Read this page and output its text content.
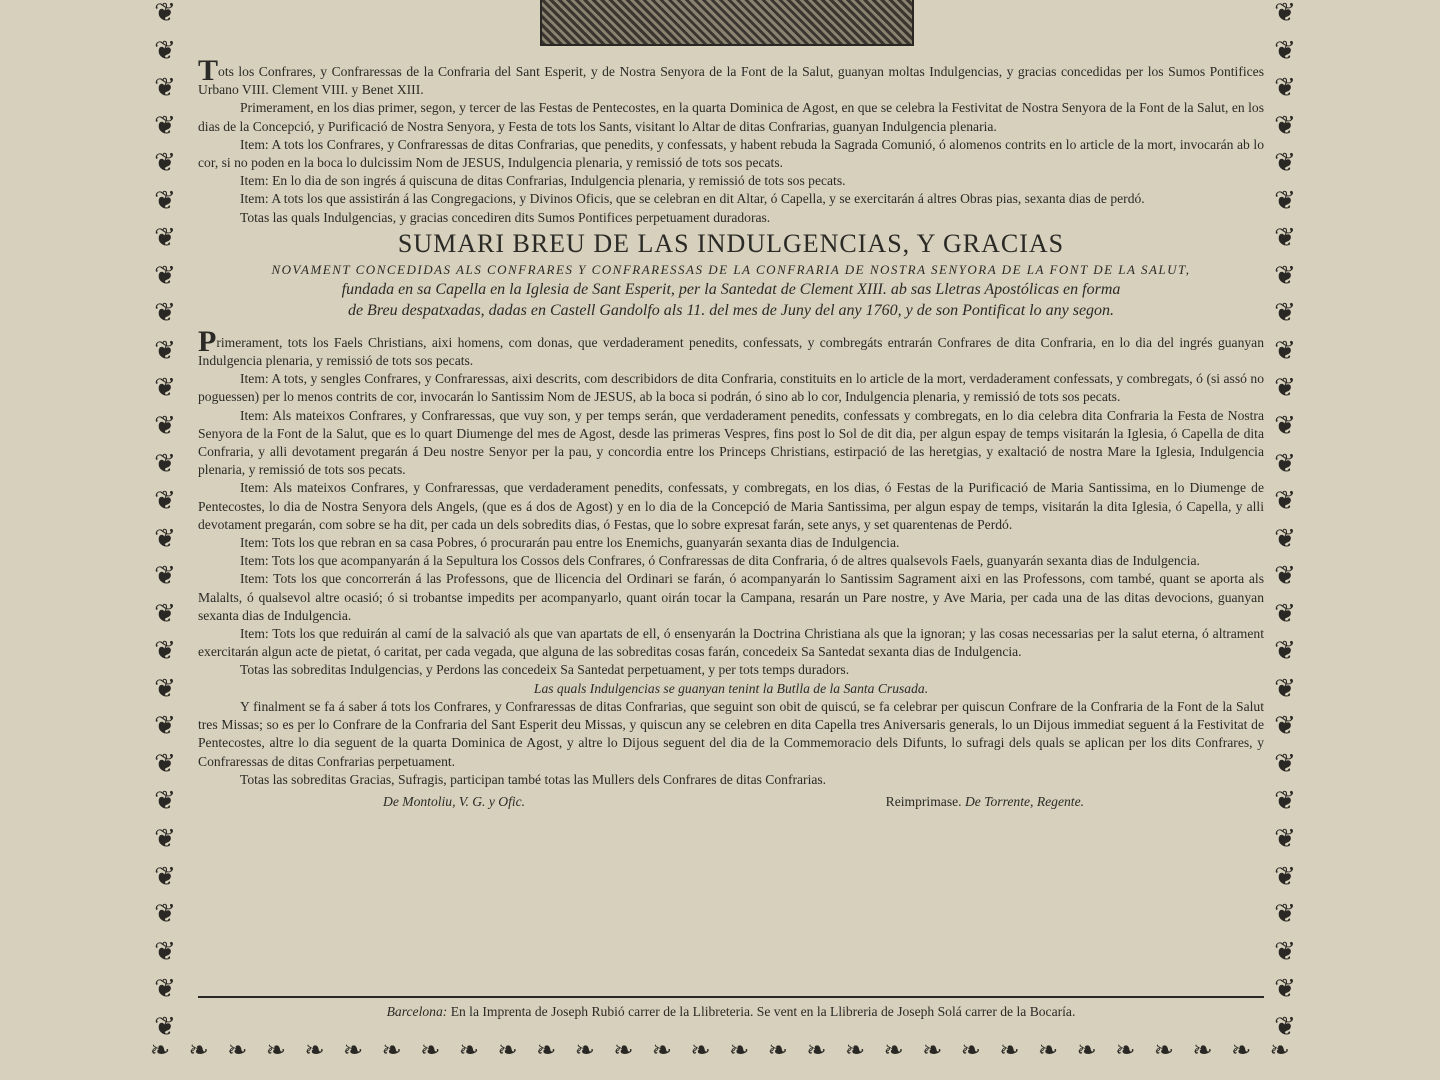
❦
❦
❦
❦
❦
❦
❦
❦
❦
❦
❦
❦
❦
❦
❦
❦
❦
❦
❦
❦
❦
❦
❦
❦
❦
❦
❦
❦
❦
❦
❦
❦
❦
❦
❦
❦
❦
❦
❦
❦
❦
❦
❦
❦
❦
❦
❦
❦
❦
❦
❦
❦
❦
❦
❦
❦
❧ ❧ ❧ ❧ ❧ ❧ ❧ ❧ ❧ ❧ ❧ ❧ ❧ ❧ ❧ ❧ ❧ ❧ ❧ ❧ ❧ ❧ ❧ ❧ ❧ ❧ ❧ ❧ ❧ ❧

Tots los Confrares, y Confraressas de la Confraria del Sant Esperit, y de Nostra Senyora de la Font de la Salut, guanyan moltas Indulgencias, y gracias concedidas per los Sumos Pontifices Urbano VIII. Clement VIII. y Benet XIII.

Primerament, en los dias primer, segon, y tercer de las Festas de Pentecostes, en la quarta Dominica de Agost, en que se celebra la Festivitat de Nostra Senyora de la Font de la Salut, en los dias de la Concepció, y Purificació de Nostra Senyora, y Festa de tots los Sants, visitant lo Altar de ditas Confrarias, guanyan Indulgencia plenaria.

Item: A tots los Confrares, y Confraressas de ditas Confrarias, que penedits, y confessats, y habent rebuda la Sagrada Comunió, ó alomenos contrits en lo article de la mort, invocarán ab lo cor, si no poden en la boca lo dulcissim Nom de JESUS, Indulgencia plenaria, y remissió de tots sos pecats.

Item: En lo dia de son ingrés á quiscuna de ditas Confrarias, Indulgencia plenaria, y remissió de tots sos pecats.

Item: A tots los que assistirán á las Congregacions, y Divinos Oficis, que se celebran en dit Altar, ó Capella, y se exercitarán á altres Obras pias, sexanta dias de perdó.

Totas las quals Indulgencias, y gracias concediren dits Sumos Pontifices perpetuament duradoras.

SUMARI BREU DE LAS INDULGENCIAS, Y GRACIAS
NOVAMENT CONCEDIDAS ALS CONFRARES Y CONFRARESSAS DE LA CONFRARIA DE NOSTRA SENYORA DE LA FONT DE LA SALUT,
fundada en sa Capella en la Iglesia de Sant Esperit, per la Santedat de Clement XIII. ab sas Lletras Apostólicas en forma
de Breu despatxadas, dadas en Castell Gandolfo als 11. del mes de Juny del any 1760, y de son Pontificat lo any segon.

Primerament, tots los Faels Christians, aixi homens, com donas, que verdaderament penedits, confessats, y combregáts entrarán Confrares de dita Confraria, en lo dia del ingrés guanyan Indulgencia plenaria, y remissió de tots sos pecats.

Item: A tots, y sengles Confrares, y Confraressas, aixi descrits, com describidors de dita Confraria, constituits en lo article de la mort, verdaderament confessats, y combregats, ó (si assó no poguessen) per lo menos contrits de cor, invocarán lo Santissim Nom de JESUS, ab la boca si podrán, ó sino ab lo cor, Indulgencia plenaria, y remissió de tots sos pecats.

Item: Als mateixos Confrares, y Confraressas, que vuy son, y per temps serán, que verdaderament penedits, confessats y combregats, en lo dia celebra dita Confraria la Festa de Nostra Senyora de la Font de la Salut, que es lo quart Diumenge del mes de Agost, desde las primeras Vespres, fins post lo Sol de dit dia, per algun espay de temps visitarán la Iglesia, ó Capella de dita Confraria, y alli devotament pregarán á Deu nostre Senyor per la pau, y concordia entre los Princeps Christians, estirpació de las heretgias, y exaltació de nostra Mare la Iglesia, Indulgencia plenaria, y remissió de tots sos pecats.

Item: Als mateixos Confrares, y Confraressas, que verdaderament penedits, confessats, y combregats, en los dias, ó Festas de la Purificació de Maria Santissima, en lo Diumenge de Pentecostes, lo dia de Nostra Senyora dels Angels, (que es á dos de Agost) y en lo dia de la Concepció de Maria Santissima, per algun espay de temps, visitarán la dita Iglesia, ó Capella, y alli devotament pregarán, com sobre se ha dit, per cada un dels sobredits dias, ó Festas, que lo sobre expresat farán, sete anys, y set quarentenas de Perdó.

Item: Tots los que rebran en sa casa Pobres, ó procurarán pau entre los Enemichs, guanyarán sexanta dias de Indulgencia.

Item: Tots los que acompanyarán á la Sepultura los Cossos dels Confrares, ó Confraressas de dita Confraria, ó de altres qualsevols Faels, guanyarán sexanta dias de Indulgencia.

Item: Tots los que concorrerán á las Professons, que de llicencia del Ordinari se farán, ó acompanyarán lo Santissim Sagrament aixi en las Professons, com també, quant se aporta als Malalts, ó qualsevol altre ocasió; ó si trobantse impedits per acompanyarlo, quant oirán tocar la Campana, resarán un Pare nostre, y Ave Maria, per cada una de las ditas devocions, guanyan sexanta dias de Indulgencia.

Item: Tots los que reduirán al camí de la salvació als que van apartats de ell, ó ensenyarán la Doctrina Christiana als que la ignoran; y las cosas necessarias per la salut eterna, ó altrament exercitarán algun acte de pietat, ó caritat, per cada vegada, que alguna de las sobreditas cosas farán, concedeix Sa Santedat sexanta dias de Indulgencia.

Totas las sobreditas Indulgencias, y Perdons las concedeix Sa Santedat perpetuament, y per tots temps duradors.

Las quals Indulgencias se guanyan tenint la Butlla de la Santa Crusada.

Y finalment se fa á saber á tots los Confrares, y Confraressas de ditas Confrarias, que seguint son obit de quiscú, se fa celebrar per quiscun Confrare de la Confraria de la Font de la Salut tres Missas; so es per lo Confrare de la Confraria del Sant Esperit deu Missas, y quiscun any se celebren en dita Capella tres Aniversaris generals, lo un Dijous immediat seguent á la Festivitat de Pentecostes, altre lo dia seguent de la quarta Dominica de Agost, y altre lo Dijous seguent del dia de la Commemoracio dels Difunts, lo sufragi dels quals se aplican per los dits Confrares, y Confraressas de ditas Confrarias perpetuament.

Totas las sobreditas Gracias, Sufragis, participan també totas las Mullers dels Confrares de ditas Confrarias.

De Montoliu, V. G. y Ofic.	Reimprimase. De Torrente, Regente.
Barcelona: En la Imprenta de Joseph Rubió carrer de la Llibreteria. Se vent en la Llibreria de Joseph Solá carrer de la Bocaría.
